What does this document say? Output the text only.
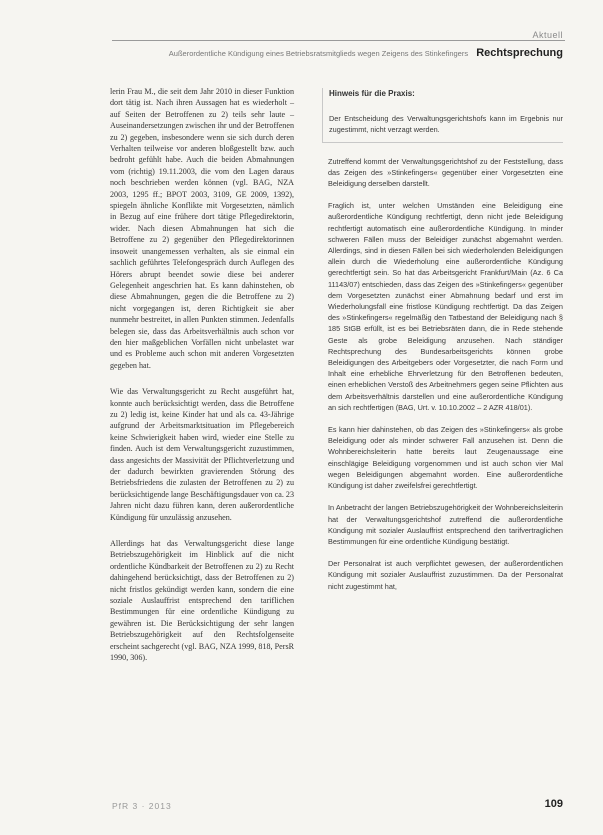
Aktuell
Außerordentliche Kündigung eines Betriebsratsmitglieds wegen Zeigens des Stinkefingers Rechtsprechung

lerin Frau M., die seit dem Jahr 2010 in dieser Funktion dort tätig ist. Nach ihren Aussagen hat es wiederholt – auf Seiten der Betroffenen zu 2) teils sehr laute – Auseinandersetzungen zwischen ihr und der Betroffenen zu 2) gegeben, insbesondere wenn sie sich durch deren Verhalten teilweise vor anderen bloßgestellt bzw. auch bedroht gefühlt habe. Auch die beiden Abmahnungen vom (richtig) 19.11.2003, die vom den Lagen daraus noch beschrieben werden können (vgl. BAG, NZA 2003, 1295 ff.; BPOT 2003, 3109, GE 2009, 1392), spiegeln ähnliche Konflikte mit Vorgesetzten, nämlich in Bezug auf eine frühere dort tätige Pflegedirektorin, wider. Nach diesen Abmahnungen hat sich die Betroffene zu 2) gegenüber den Pflegedirektorinnen insoweit unangemessen verhalten, als sie einmal ein sachlich geführtes Telefongespräch durch Auflegen des Hörers abrupt beendet sowie diese bei anderer Gelegenheit angeschrien hat. Es kann dahinstehen, ob diese Abmahnungen, gegen die die Betroffene zu 2) nicht vorgegangen ist, deren Richtigkeit sie aber nunmehr bestreitet, in allen Punkten stimmen. Jedenfalls belegen sie, dass das Arbeitsverhältnis auch schon vor den hier maßgeblichen Vorfällen nicht unbelastet war und es Probleme auch schon mit anderen Vorgesetzten gegeben hat.

Wie das Verwaltungsgericht zu Recht ausgeführt hat, konnte auch berücksichtigt werden, dass die Betroffene zu 2) ledig ist, keine Kinder hat und als ca. 43-Jährige aufgrund der Arbeitsmarktsituation im Pflegebereich keine Schwierigkeit haben wird, wieder eine Stelle zu finden. Auch ist dem Verwaltungsgericht zuzustimmen, dass angesichts der Massivität der Pflichtverletzung und der dadurch bewirkten gravierenden Störung des Betriebsfriedens die zulasten der Betroffenen zu 2) zu berücksichtigende lange Beschäftigungsdauer von ca. 23 Jahren nicht dazu führen kann, deren außerordentliche Kündigung für unzulässig anzusehen.

Allerdings hat das Verwaltungsgericht diese lange Betriebszugehörigkeit im Hinblick auf die nicht ordentliche Kündbarkeit der Betroffenen zu 2) zu Recht dahingehend berücksichtigt, dass der Betroffenen zu 2) nicht fristlos gekündigt werden kann, sondern die eine soziale Auslauffrist entsprechend den tariflichen Bestimmungen für eine ordentliche Kündigung zu gewähren ist. Die Berücksichtigung der sehr langen Betriebszugehörigkeit auf den Rechtsfolgenseite erscheint sachgerecht (vgl. BAG, NZA 1999, 818, PersR 1990, 306).

Hinweis für die Praxis:

Der Entscheidung des Verwaltungsgerichtshofs kann im Ergebnis nur zugestimmt, nicht verzagt werden.

Zutreffend kommt der Verwaltungsgerichtshof zu der Feststellung, dass das Zeigen des »Stinkefingers« gegenüber einer Vorgesetzten eine Beleidigung derselben darstellt.

Fraglich ist, unter welchen Umständen eine Beleidigung eine außerordentliche Kündigung rechtfertigt, denn nicht jede Beleidigung rechtfertigt automatisch eine außerordentliche Kündigung. In minder schweren Fällen muss der Beleidiger zunächst abgemahnt werden. Allerdings, sind in diesen Fällen bei sich wiederholenden Beleidigungen allein durch die Wiederholung eine außerordentliche Kündigung gerechtfertigt sein. So hat das Arbeitsgericht Frankfurt/Main (Az. 6 Ca 11143/07) entschieden, dass das Zeigen des »Stinkefingers« gegenüber dem Vorgesetzten zunächst einer Abmahnung bedarf und erst im Wiederholungsfall eine fristlose Kündigung rechtfertigt. Da das Zeigen des »Stinkefingers« regelmäßig den Tatbestand der Beleidigung nach § 185 StGB erfüllt, ist es bei Betriebsräten dann, die in Rede stehende Geste als grobe Beleidigung anzusehen. Nach ständiger Rechtsprechung des Bundesarbeitsgerichts können grobe Beleidigungen des Arbeitgebers oder Vorgesetzter, die nach Form und Inhalt eine erhebliche Ehrverletzung für den Betroffenen bedeuten, einen erheblichen Verstoß des Arbeitnehmers gegen seine Pflichten aus dem Arbeitsverhältnis darstellen und eine außerordentliche Kündigung an sich rechtfertigen (BAG, Urt. v. 10.10.2002 – 2 AZR 418/01).

Es kann hier dahinstehen, ob das Zeigen des »Stinkefingers« als grobe Beleidigung oder als minder schwerer Fall anzusehen ist. Denn die Wohnbereichsleiterin hatte bereits laut Zeugenaussage eine einschlägige Beleidigung vorgenommen und ist auch schon vier Mal wegen Beleidigungen abgemahnt worden. Eine außerordentliche Kündigung ist daher zweifelsfrei gerechtfertigt.

In Anbetracht der langen Betriebszugehörigkeit der Wohnbereichsleiterin hat der Verwaltungsgerichtshof zutreffend die außerordentliche Kündigung mit sozialer Auslauffrist entsprechend den tarifvertraglichen Bestimmungen für eine ordentliche Kündigung bestätigt.

Der Personalrat ist auch verpflichtet gewesen, der außerordentlichen Kündigung mit sozialer Auslauffrist zuzustimmen. Da der Personalrat nicht zugestimmt hat,

PfR 3 · 2013	109
